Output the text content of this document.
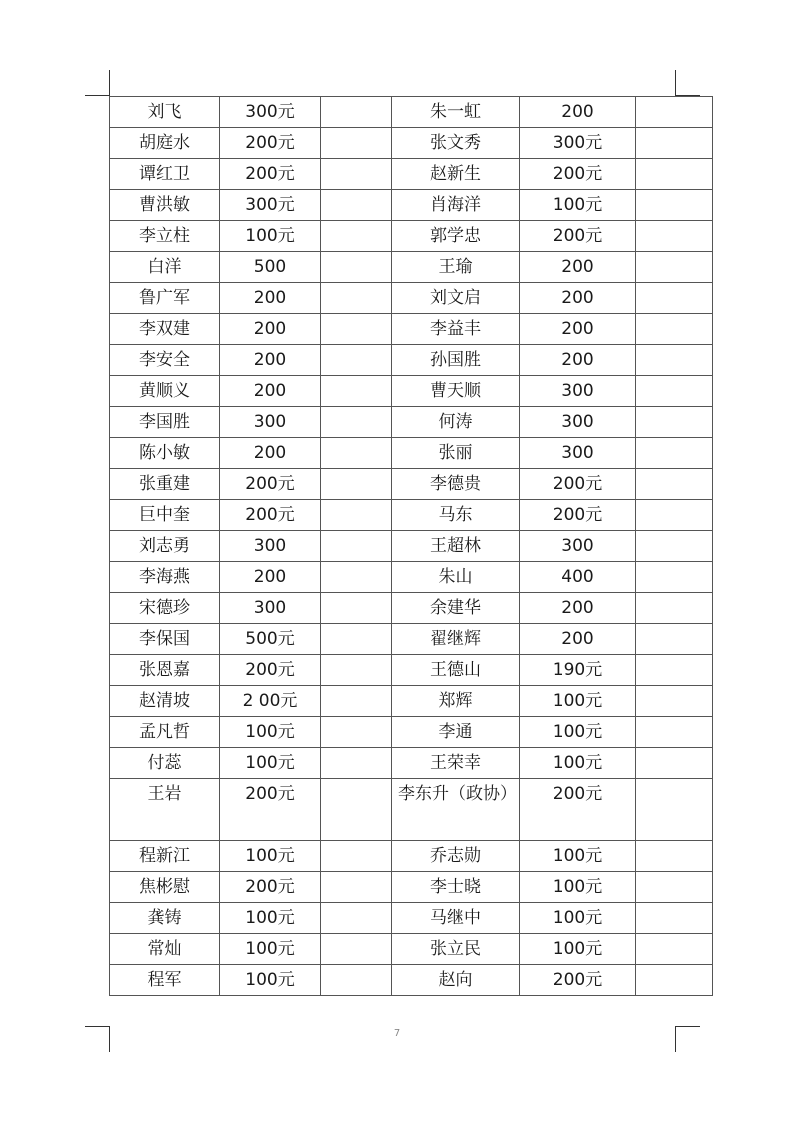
刘飞	300元		朱一虹	200	
胡庭水	200元		张文秀	300元	
谭红卫	200元		赵新生	200元	
曹洪敏	300元		肖海洋	100元	
李立柱	100元		郭学忠	200元	
白洋	500		王瑜	200	
鲁广军	200		刘文启	200	
李双建	200		李益丰	200	
李安全	200		孙国胜	200	
黄顺义	200		曹天顺	300	
李国胜	300		何涛	300	
陈小敏	200		张丽	300	
张重建	200元		李德贵	200元	
巨中奎	200元		马东	200元	
刘志勇	300		王超林	300	
李海燕	200		朱山	400	
宋德珍	300		余建华	200	
李保国	500元		翟继辉	200	
张恩嘉	200元		王德山	190元	
赵清坡	2 00元		郑辉	100元	
孟凡哲	100元		李通	100元	
付蕊	100元		王荣幸	100元	
王岩	200元		李东升（政协）	200元	
程新江	100元		乔志勋	100元	
焦彬慰	200元		李士晓	100元	
龚铸	100元		马继中	100元	
常灿	100元		张立民	100元	
程军	100元		赵向	200元	
7
